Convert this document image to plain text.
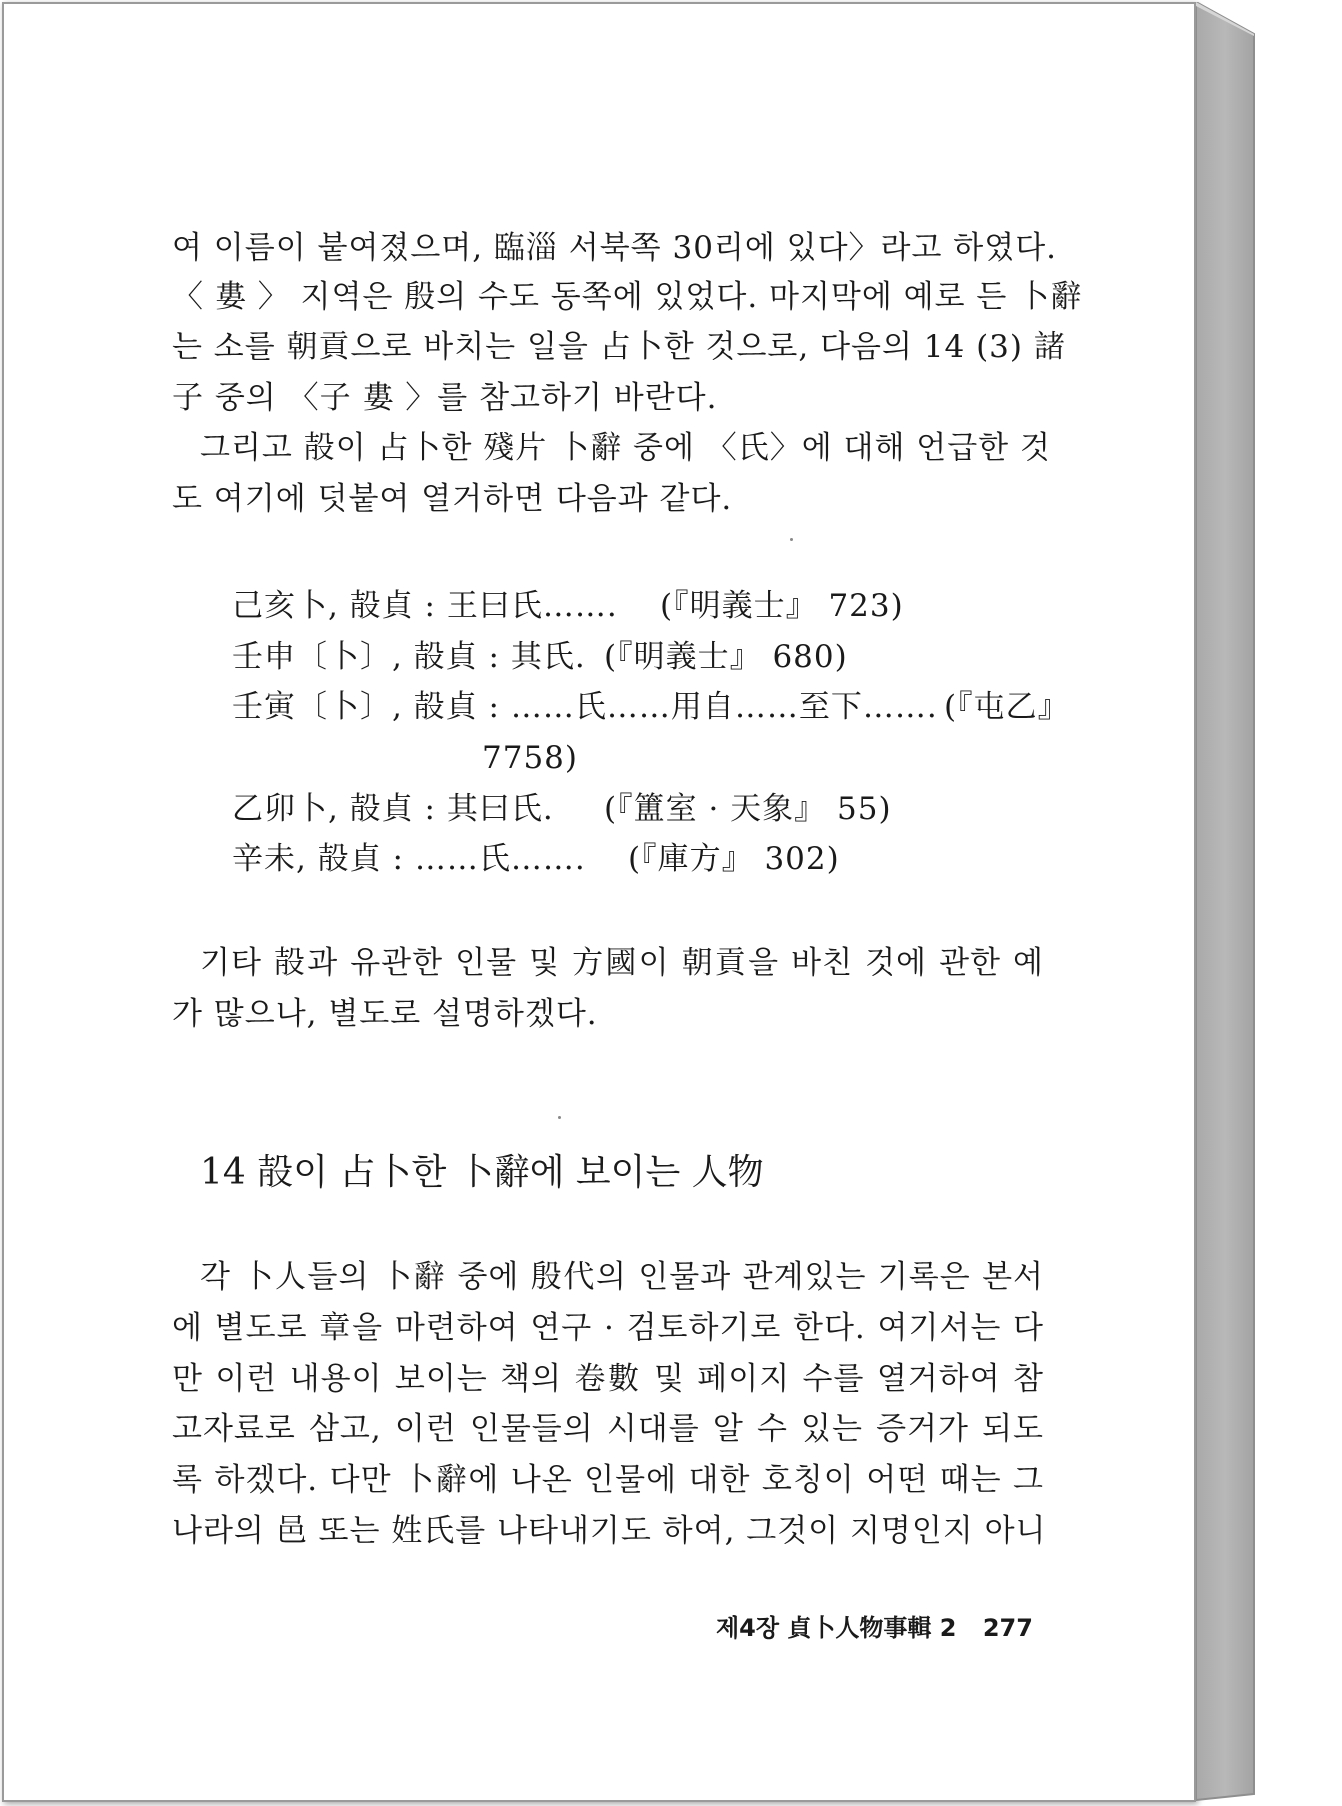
여 이름이 붙여졌으며, 臨淄 서북쪽 30리에 있다〉라고 하였다.
〈 婁 〉 지역은 殷의 수도 동쪽에 있었다. 마지막에 예로 든 卜辭
는 소를 朝貢으로 바치는 일을 占卜한 것으로, 다음의 14 (3) 諸
子 중의 〈子 婁 〉를 참고하기 바란다.
그리고 㱿이 占卜한 殘片 卜辭 중에 〈氏〉에 대해 언급한 것
도 여기에 덧붙여 열거하면 다음과 같다.
己亥卜, 㱿貞 : 王曰氏……. (『明義士』 723)
壬申〔卜〕, 㱿貞 : 其氏. (『明義士』 680)
壬寅〔卜〕, 㱿貞 : ……氏……用自……至下……. (『屯乙』
7758)
乙卯卜, 㱿貞 : 其曰氏. (『簠室 · 天象』 55)
辛未, 㱿貞 : ……氏……. (『庫方』 302)
기타 㱿과 유관한 인물 및 方國이 朝貢을 바친 것에 관한 예
가 많으나, 별도로 설명하겠다.
14 㱿이 占卜한 卜辭에 보이는 人物
각 卜人들의 卜辭 중에 殷代의 인물과 관계있는 기록은 본서
에 별도로 章을 마련하여 연구 · 검토하기로 한다. 여기서는 다
만 이런 내용이 보이는 책의 卷數 및 페이지 수를 열거하여 참
고자료로 삼고, 이런 인물들의 시대를 알 수 있는 증거가 되도
록 하겠다. 다만 卜辭에 나온 인물에 대한 호칭이 어떤 때는 그
나라의 邑 또는 姓氏를 나타내기도 하여, 그것이 지명인지 아니
제4장 貞卜人物事輯 2 277
